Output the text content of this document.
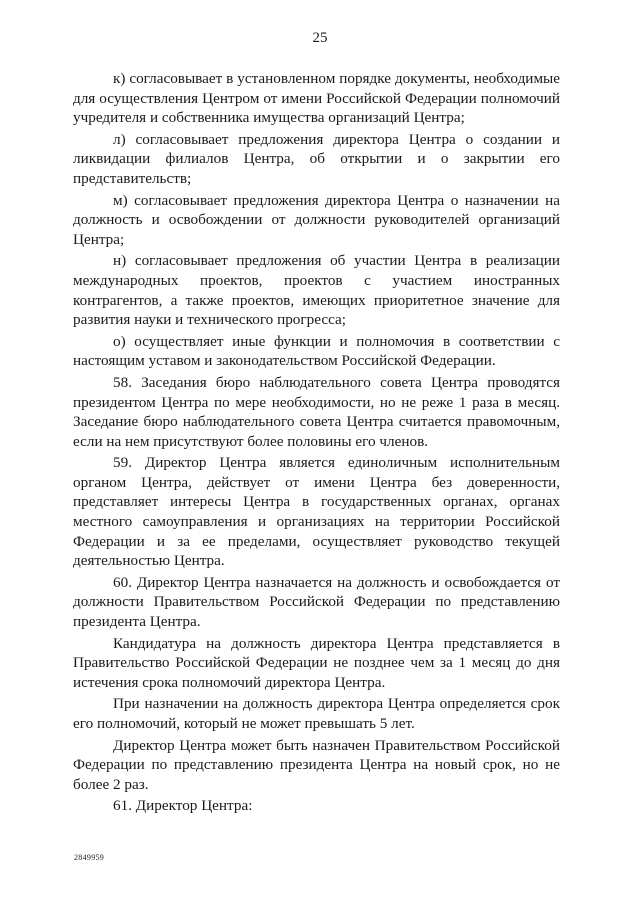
25

к) согласовывает в установленном порядке документы, необходимые для осуществления Центром от имени Российской Федерации полномочий учредителя и собственника имущества организаций Центра;

л) согласовывает предложения директора Центра о создании и ликвидации филиалов Центра, об открытии и о закрытии его представительств;

м) согласовывает предложения директора Центра о назначении на должность и освобождении от должности руководителей организаций Центра;

н) согласовывает предложения об участии Центра в реализации международных проектов, проектов с участием иностранных контрагентов, а также проектов, имеющих приоритетное значение для развития науки и технического прогресса;

о) осуществляет иные функции и полномочия в соответствии с настоящим уставом и законодательством Российской Федерации.

58. Заседания бюро наблюдательного совета Центра проводятся президентом Центра по мере необходимости, но не реже 1 раза в месяц. Заседание бюро наблюдательного совета Центра считается правомочным, если на нем присутствуют более половины его членов.

59. Директор Центра является единоличным исполнительным органом Центра, действует от имени Центра без доверенности, представляет интересы Центра в государственных органах, органах местного самоуправления и организациях на территории Российской Федерации и за ее пределами, осуществляет руководство текущей деятельностью Центра.

60. Директор Центра назначается на должность и освобождается от должности Правительством Российской Федерации по представлению президента Центра.

Кандидатура на должность директора Центра представляется в Правительство Российской Федерации не позднее чем за 1 месяц до дня истечения срока полномочий директора Центра.

При назначении на должность директора Центра определяется срок его полномочий, который не может превышать 5 лет.

Директор Центра может быть назначен Правительством Российской Федерации по представлению президента Центра на новый срок, но не более 2 раз.

61. Директор Центра:

2849959
